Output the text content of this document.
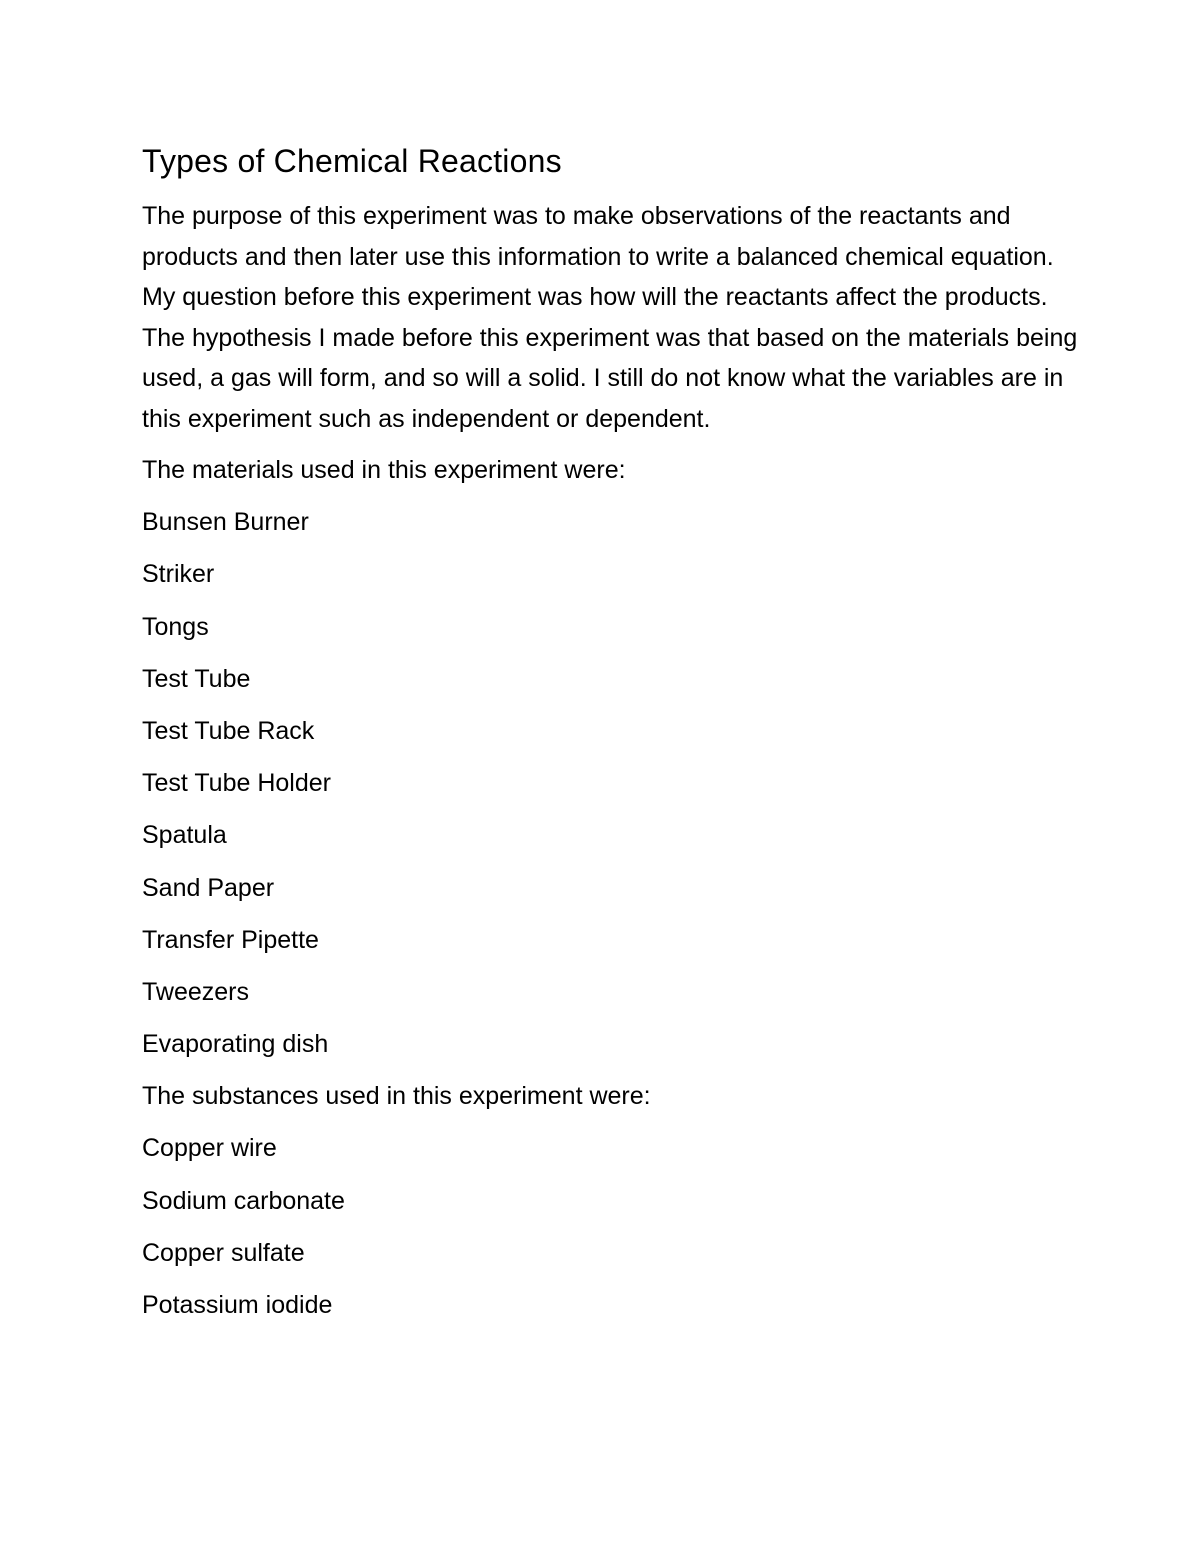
Types of Chemical Reactions

The purpose of this experiment was to make observations of the reactants and products and then later use this information to write a balanced chemical equation. My question before this experiment was how will the reactants affect the products. The hypothesis I made before this experiment was that based on the materials being used, a gas will form, and so will a solid. I still do not know what the variables are in this experiment such as independent or dependent.

The materials used in this experiment were:

Bunsen Burner

Striker

Tongs

Test Tube

Test Tube Rack

Test Tube Holder

Spatula

Sand Paper

Transfer Pipette

Tweezers

Evaporating dish

The substances used in this experiment were:

Copper wire

Sodium carbonate

Copper sulfate

Potassium iodide
